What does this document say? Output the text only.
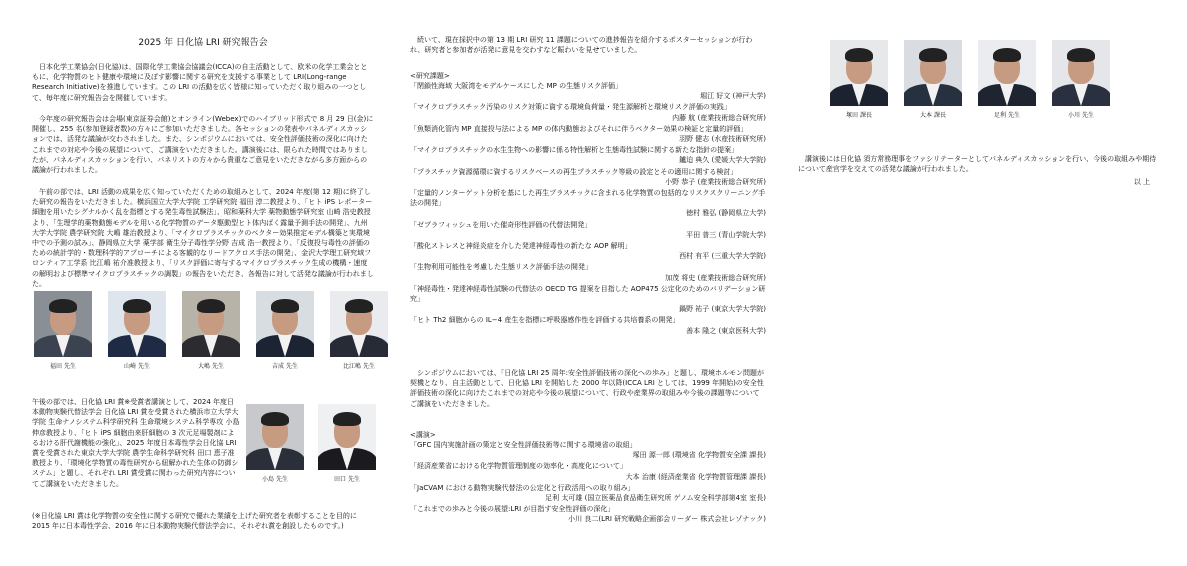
2025 年 日化協 LRI 研究報告会

日本化学工業協会(日化協)は、国際化学工業協会協議会(ICCA)の自主活動として、欧米の化学工業会とともに、化学物質のヒト健康や環境に及ぼす影響に関する研究を支援する事業として LRI(Long-range Research Initiative)を推進しています。この LRI の活動を広く皆様に知っていただく取り組みの一つとして、毎年度に研究報告会を開催しています。

今年度の研究報告会は会場(東京証券会館)とオンライン(Webex)でのハイブリッド形式で 8 月 29 日(金)に開催し、255 名(参加登録者数)の方々にご参加いただきました。各セッションの発表やパネルディスカッションでは、活発な議論が交わされました。また、シンポジウムにおいては、安全性評価技術の深化に向けたこれまでの対応や今後の展望について、ご講演をいただきました。講演後には、限られた時間ではありましたが、パネルディスカッションを行い、パネリストの方々から貴重なご意見をいただきながら多方面からの議論が行われました。

午前の部では、LRI 活動の成果を広く知っていただくための取組みとして、2024 年度(第 12 期)に終了した研究の報告をいただきました。横浜国立大学大学院 工学研究院 福田 淳二教授より、「ヒト iPS レポーター細胞を用いたシグナルかく乱を指標とする発生毒性試験法」、昭和薬科大学 薬物動態学研究室 山崎 浩史教授より、「生理学的薬物動態モデルを用いる化学物質のデータ駆動型ヒト体内ばく露量予測手法の開発」、九州大学大学院 農学研究院 大嶋 雄治教授より、「マイクロプラスチックのベクター効果推定モデル構築と実環境中での予測の試み」、静岡県立大学 薬学部 衛生分子毒性学分野 吉成 浩一教授より、「反復投与毒性の評価のための統計学的・数理科学的アプローチによる客観的なリードアクロス手法の開発」、金沢大学理工研究域フロンティア工学系 比江嶋 祐介准教授より、「リスク評価に寄与するマイクロプラスチック生成の機構・速度の解明および標準マイクロプラスチックの調製」の報告をいただき、各報告に対して活発な議論が行われました。

福田 先生	山崎 先生	大嶋 先生	吉成 先生	比江嶋 先生

午後の部では、日化協 LRI 賞※受賞者講演として、2024 年度日本動物実験代替法学会 日化協 LRI 賞を受賞された横浜市立大学大学院 生命ナノシステム科学研究科 生命環境システム科学専攻 小島 伸彦教授より、「ヒト iPS 細胞由来肝細胞の 3 次元足場製剤によるおける肝代謝機能の強化」、2025 年度日本毒性学会日化協 LRI 賞を受賞された東京大学大学院 農学生命科学研究科 田口 恵子准教授より、「環境化学物質の毒性研究から紐解かれた生体の防御システム」と題し、それぞれ LRI 賞受賞に関わった研究内容についてご講演をいただきました。

小島 先生	田口 先生

(※日化協 LRI 賞は化学物質の安全性に関する研究で優れた業績を上げた研究者を表彰することを目的に 2015 年に日本毒性学会、2016 年に日本動物実験代替法学会に、それぞれ賞を創設したものです。)

続いて、現在採択中の第 13 期 LRI 研究 11 課題についての進捗報告を紹介するポスターセッションが行われ、研究者と参加者が活発に意見を交わすなど賑わいを見せていました。

<研究課題>

「閉鎖性海域 大阪湾をモデルケースにした MP の生態リスク評価」

堀江 好文 (神戸大学)

「マイクロプラスチック汚染のリスク対策に資する環境負荷量・発生源解析と環境リスク評価の実践」

内藤 航 (産業技術総合研究所)

「魚類消化管内 MP 直接投与法による MP の体内動態およびそれに伴うベクター効果の検証と定量的評価」

羽野 健志 (水産技術研究所)

「マイクロプラスチックの水生生物への影響に係る特性解析と生態毒性試験に関する新たな指針の提案」

鑪迫 典久 (愛媛大学大学院)

「プラスチック資源循環に資するリスクベースの再生プラスチック等級の設定とその適用に関する検討」

小野 恭子 (産業技術総合研究所)

「定量的ノンターゲット分析を基にした再生プラスチックに含まれる化学物質の包括的なリスクスクリーニング手法の開発」

徳村 雅弘 (静岡県立大学)

「ゼブラフィッシュを用いた催奇形性評価の代替法開発」

平田 普三 (青山学院大学)

「酸化ストレスと神経炎症を介した発達神経毒性の新たな AOP 解明」

西村 有平 (三重大学大学院)

「生物利用可能性を考慮した生態リスク評価手法の開発」

加茂 将史 (産業技術総合研究所)

「神経毒性・発達神経毒性試験の代替法の OECD TG 提案を目指した AOP475 公定化のためのバリデーション研究」

鍋野 祐子 (東京大学大学院)

「ヒト Th2 細胞からの IL−4 産生を指標に呼吸器感作性を評価する共培養系の開発」

善本 隆之 (東京医科大学)

シンポジウムにおいては、「日化協 LRI 25 周年:安全性評価技術の深化への歩み」と題し、環境ホルモン問題が契機となり、自主活動として、日化協 LRI を開始した 2000 年以降(ICCA LRI としては、1999 年開始)の安全性評価技術の深化に向けたこれまでの対応や今後の展望について、行政や産業界の取組みや今後の課題等についてご講演をいただきました。

<講演>

「GFC 国内実施計画の策定と安全性評価技術等に関する環境省の取組」

塚田 源一郎 (環境省 化学物質安全課 課長)

「経済産業省における化学物質管理制度の効率化・高度化について」

大本 治康 (経済産業省 化学物質管理課 課長)

「JaCVAM における動物実験代替法の公定化と行政活用への取り組み」

足利 太可雄 (国立医薬品食品衛生研究所 ゲノム安全科学部第4室 室長)

「これまでの歩みと今後の展望:LRI が目指す安全性評価の深化」

小川 良二(LRI 研究戦略企画部会リーダー 株式会社レゾナック)

塚田 課長	大本 課長	足利 先生	小川 先生

講演後には日化協 須方常務理事をファシリテーターとしてパネルディスカッションを行い、今後の取組みや期待について産官学を交えての活発な議論が行われました。

以 上
